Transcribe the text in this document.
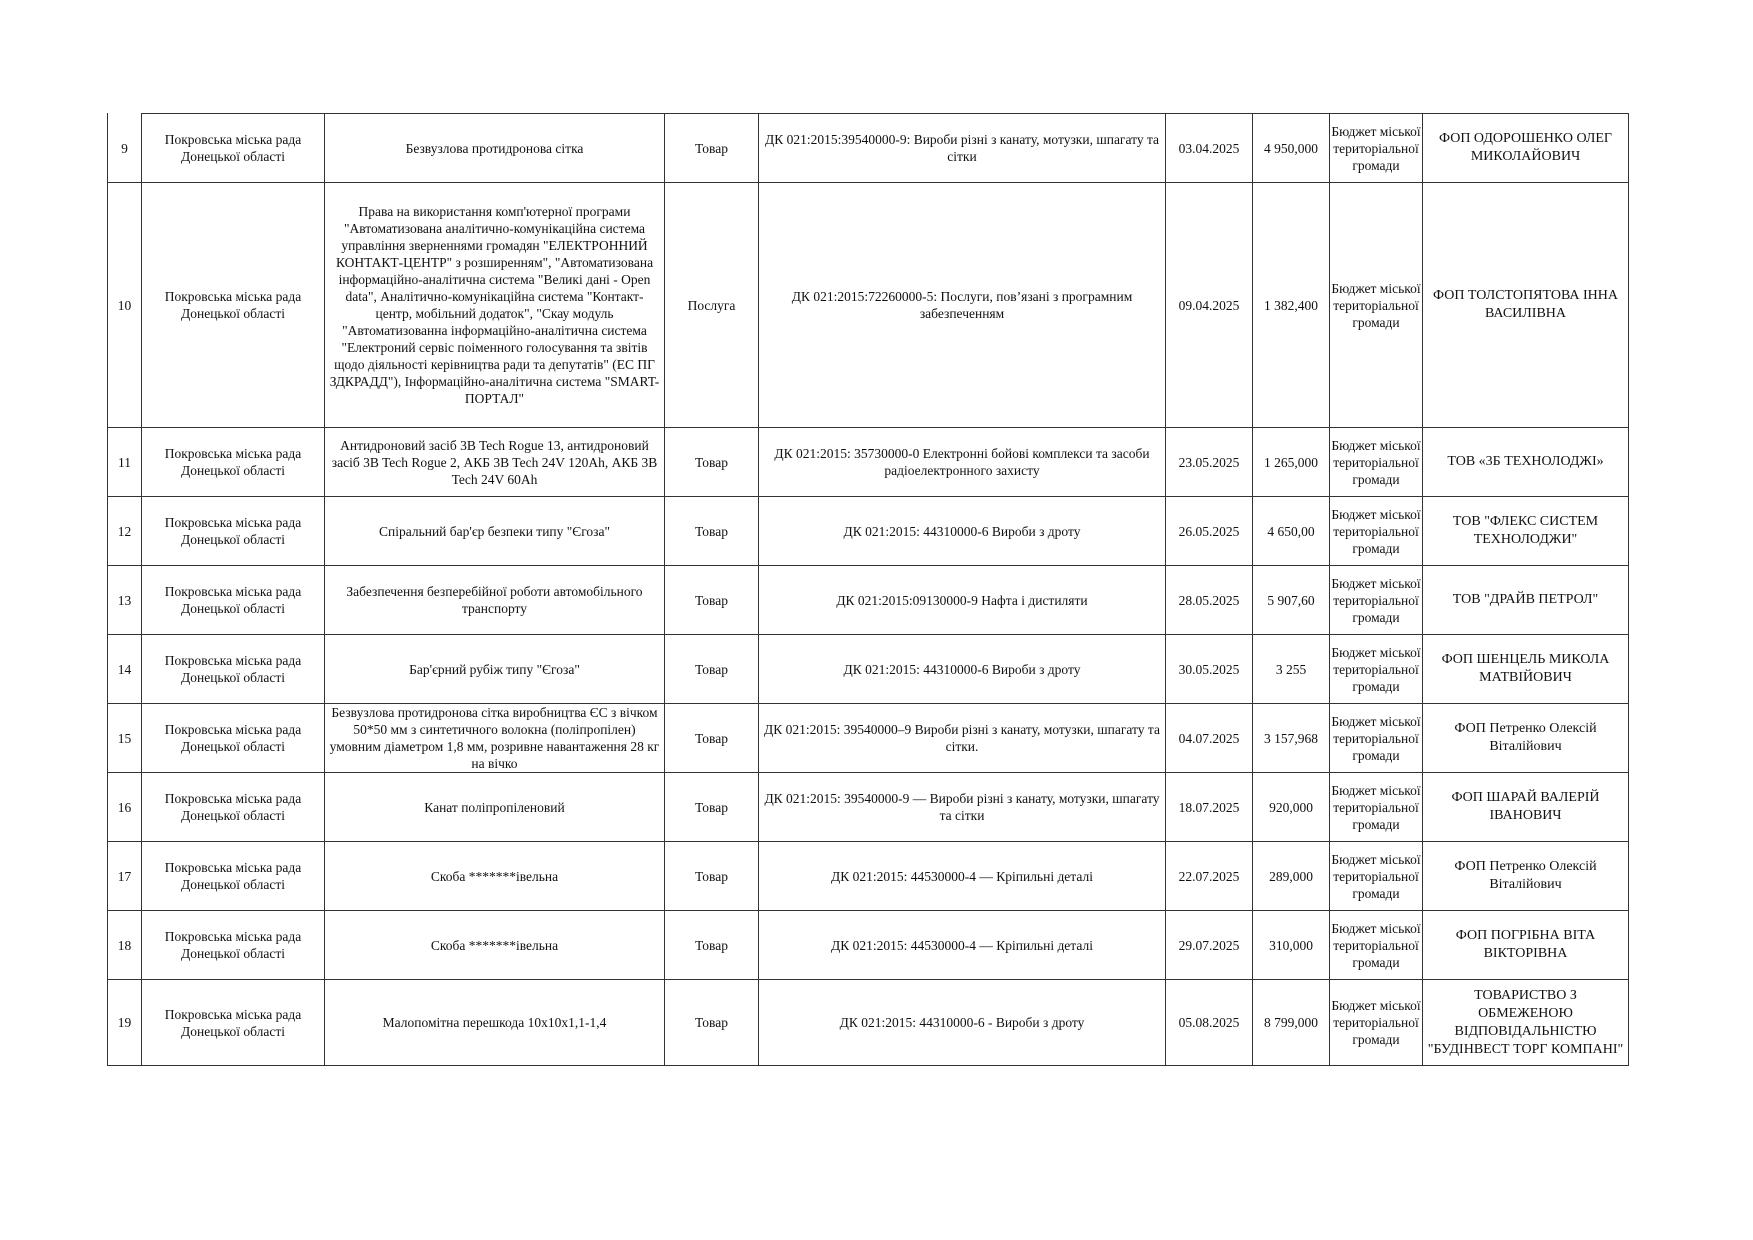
9	Покровська міська рада Донецької області	Безвузлова протидронова сітка	Товар	ДК 021:2015:39540000-9: Вироби різні з канату, мотузки, шпагату та сітки	03.04.2025	4 950,000	Бюджет міської територіальної громади	ФОП ОДОРОШЕНКО ОЛЕГ МИКОЛАЙОВИЧ
10	Покровська міська рада Донецької області	Права на використання комп'ютерної програми "Автоматизована аналітично-комунікаційна система управління зверненнями громадян "ЕЛЕКТРОННИЙ КОНТАКТ-ЦЕНТР" з розширенням", "Автоматизована інформаційно-аналітична система "Великі дані - Open data", Аналітично-комунікаційна система "Контакт-центр, мобільний додаток", "Скау модуль "Автоматизованна інформаційно-аналітична система "Електроний сервіс поіменного голосування та звітів щодо діяльності керівництва ради та депутатів" (ЕС ПГ ЗДКРАДД"), Інформаційно-аналітична система "SMART-ПОРТАЛ"	Послуга	ДК 021:2015:72260000-5: Послуги, пов’язані з програмним забезпеченням	09.04.2025	1 382,400	Бюджет міської територіальної громади	ФОП ТОЛСТОПЯТОВА ІННА ВАСИЛІВНА
11	Покровська міська рада Донецької області	Антидроновий засіб 3B Tech Rogue 13, антидроновий засіб 3B Tech Rogue 2, АКБ 3B Tech 24V 120Ah, АКБ 3B Tech 24V 60Ah	Товар	ДК 021:2015: 35730000-0 Електронні бойові комплекси та засоби радіоелектронного захисту	23.05.2025	1 265,000	Бюджет міської територіальної громади	ТОВ «3Б ТЕХНОЛОДЖІ»
12	Покровська міська рада Донецької області	Спіральний бар'єр безпеки типу "Єгоза"	Товар	ДК 021:2015: 44310000-6 Вироби з дроту	26.05.2025	4 650,00	Бюджет міської територіальної громади	ТОВ "ФЛЕКС СИСТЕМ ТЕХНОЛОДЖИ"
13	Покровська міська рада Донецької області	Забезпечення безперебійної роботи автомобільного транспорту	Товар	ДК 021:2015:09130000-9 Нафта і дистиляти	28.05.2025	5 907,60	Бюджет міської територіальної громади	ТОВ "ДРАЙВ ПЕТРОЛ"
14	Покровська міська рада Донецької області	Бар'єрний рубіж типу "Єгоза"	Товар	ДК 021:2015: 44310000-6 Вироби з дроту	30.05.2025	3 255	Бюджет міської територіальної громади	ФОП ШЕНЦЕЛЬ МИКОЛА МАТВІЙОВИЧ
15	Покровська міська рада Донецької області	Безвузлова протидронова сітка виробництва ЄС з вічком 50*50 мм з синтетичного волокна (поліпропілен) умовним діаметром 1,8 мм, розривне навантаження 28 кг на вічко	Товар	ДК 021:2015: 39540000–9 Вироби різні з канату, мотузки, шпагату та сітки.	04.07.2025	3 157,968	Бюджет міської територіальної громади	ФОП Петренко Олексій Віталійович
16	Покровська міська рада Донецької області	Канат поліпропіленовий	Товар	ДК 021:2015: 39540000-9 — Вироби різні з канату, мотузки, шпагату та сітки	18.07.2025	920,000	Бюджет міської територіальної громади	ФОП ШАРАЙ ВАЛЕРІЙ ІВАНОВИЧ
17	Покровська міська рада Донецької області	Скоба *******івельна	Товар	ДК 021:2015: 44530000-4 — Кріпильні деталі	22.07.2025	289,000	Бюджет міської територіальної громади	ФОП Петренко Олексій Віталійович
18	Покровська міська рада Донецької області	Скоба *******івельна	Товар	ДК 021:2015: 44530000-4 — Кріпильні деталі	29.07.2025	310,000	Бюджет міської територіальної громади	ФОП ПОГРІБНА ВІТА ВІКТОРІВНА
19	Покровська міська рада Донецької області	Малопомітна перешкода 10х10х1,1-1,4	Товар	ДК 021:2015: 44310000-6 - Вироби з дроту	05.08.2025	8 799,000	Бюджет міської територіальної громади	ТОВАРИСТВО З ОБМЕЖЕНОЮ ВІДПОВІДАЛЬНІСТЮ "БУДІНВЕСТ ТОРГ КОМПАНІ"
